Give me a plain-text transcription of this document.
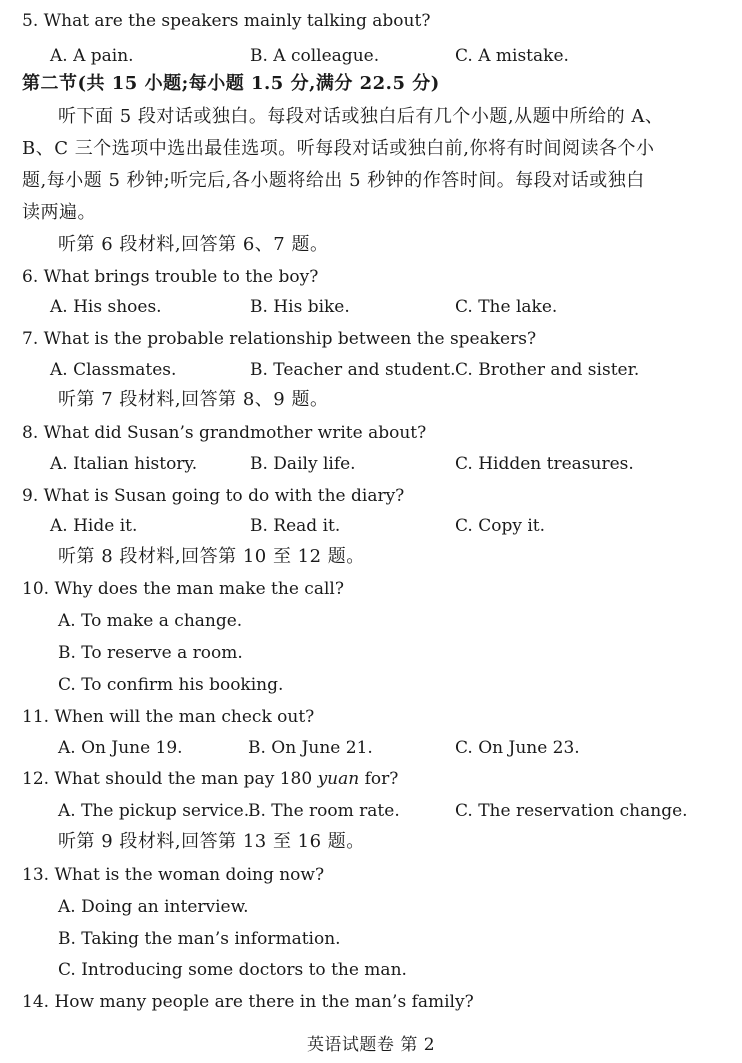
5. What are the speakers mainly talking about?
A. A pain.	B. A colleague.	C. A mistake.
第二节(共 15 小题;每小题 1.5 分,满分 22.5 分)
听下面 5 段对话或独白。每段对话或独白后有几个小题,从题中所给的 A、
B、C 三个选项中选出最佳选项。听每段对话或独白前,你将有时间阅读各个小
题,每小题 5 秒钟;听完后,各小题将给出 5 秒钟的作答时间。每段对话或独白
读两遍。
听第 6 段材料,回答第 6、7 题。
6. What brings trouble to the boy?
A. His shoes.	B. His bike.	C. The lake.
7. What is the probable relationship between the speakers?
A. Classmates.	B. Teacher and student. C. Brother and sister.
听第 7 段材料,回答第 8、9 题。
8. What did Susan’s grandmother write about?
A. Italian history.	B. Daily life.	C. Hidden treasures.
9. What is Susan going to do with the diary?
A. Hide it.	B. Read it.	C. Copy it.
听第 8 段材料,回答第 10 至 12 题。
10. Why does the man make the call?
A. To make a change.
B. To reserve a room.
C. To confirm his booking.
11. When will the man check out?
A. On June 19.	B. On June 21.	C. On June 23.
12. What should the man pay 180 yuan for?
A. The pickup service.
B. The room rate.	C. The reservation change.
听第 9 段材料,回答第 13 至 16 题。
13. What is the woman doing now?
A. Doing an interview.
B. Taking the man’s information.
C. Introducing some doctors to the man.
14. How many people are there in the man’s family?
英语试题卷 第 2
